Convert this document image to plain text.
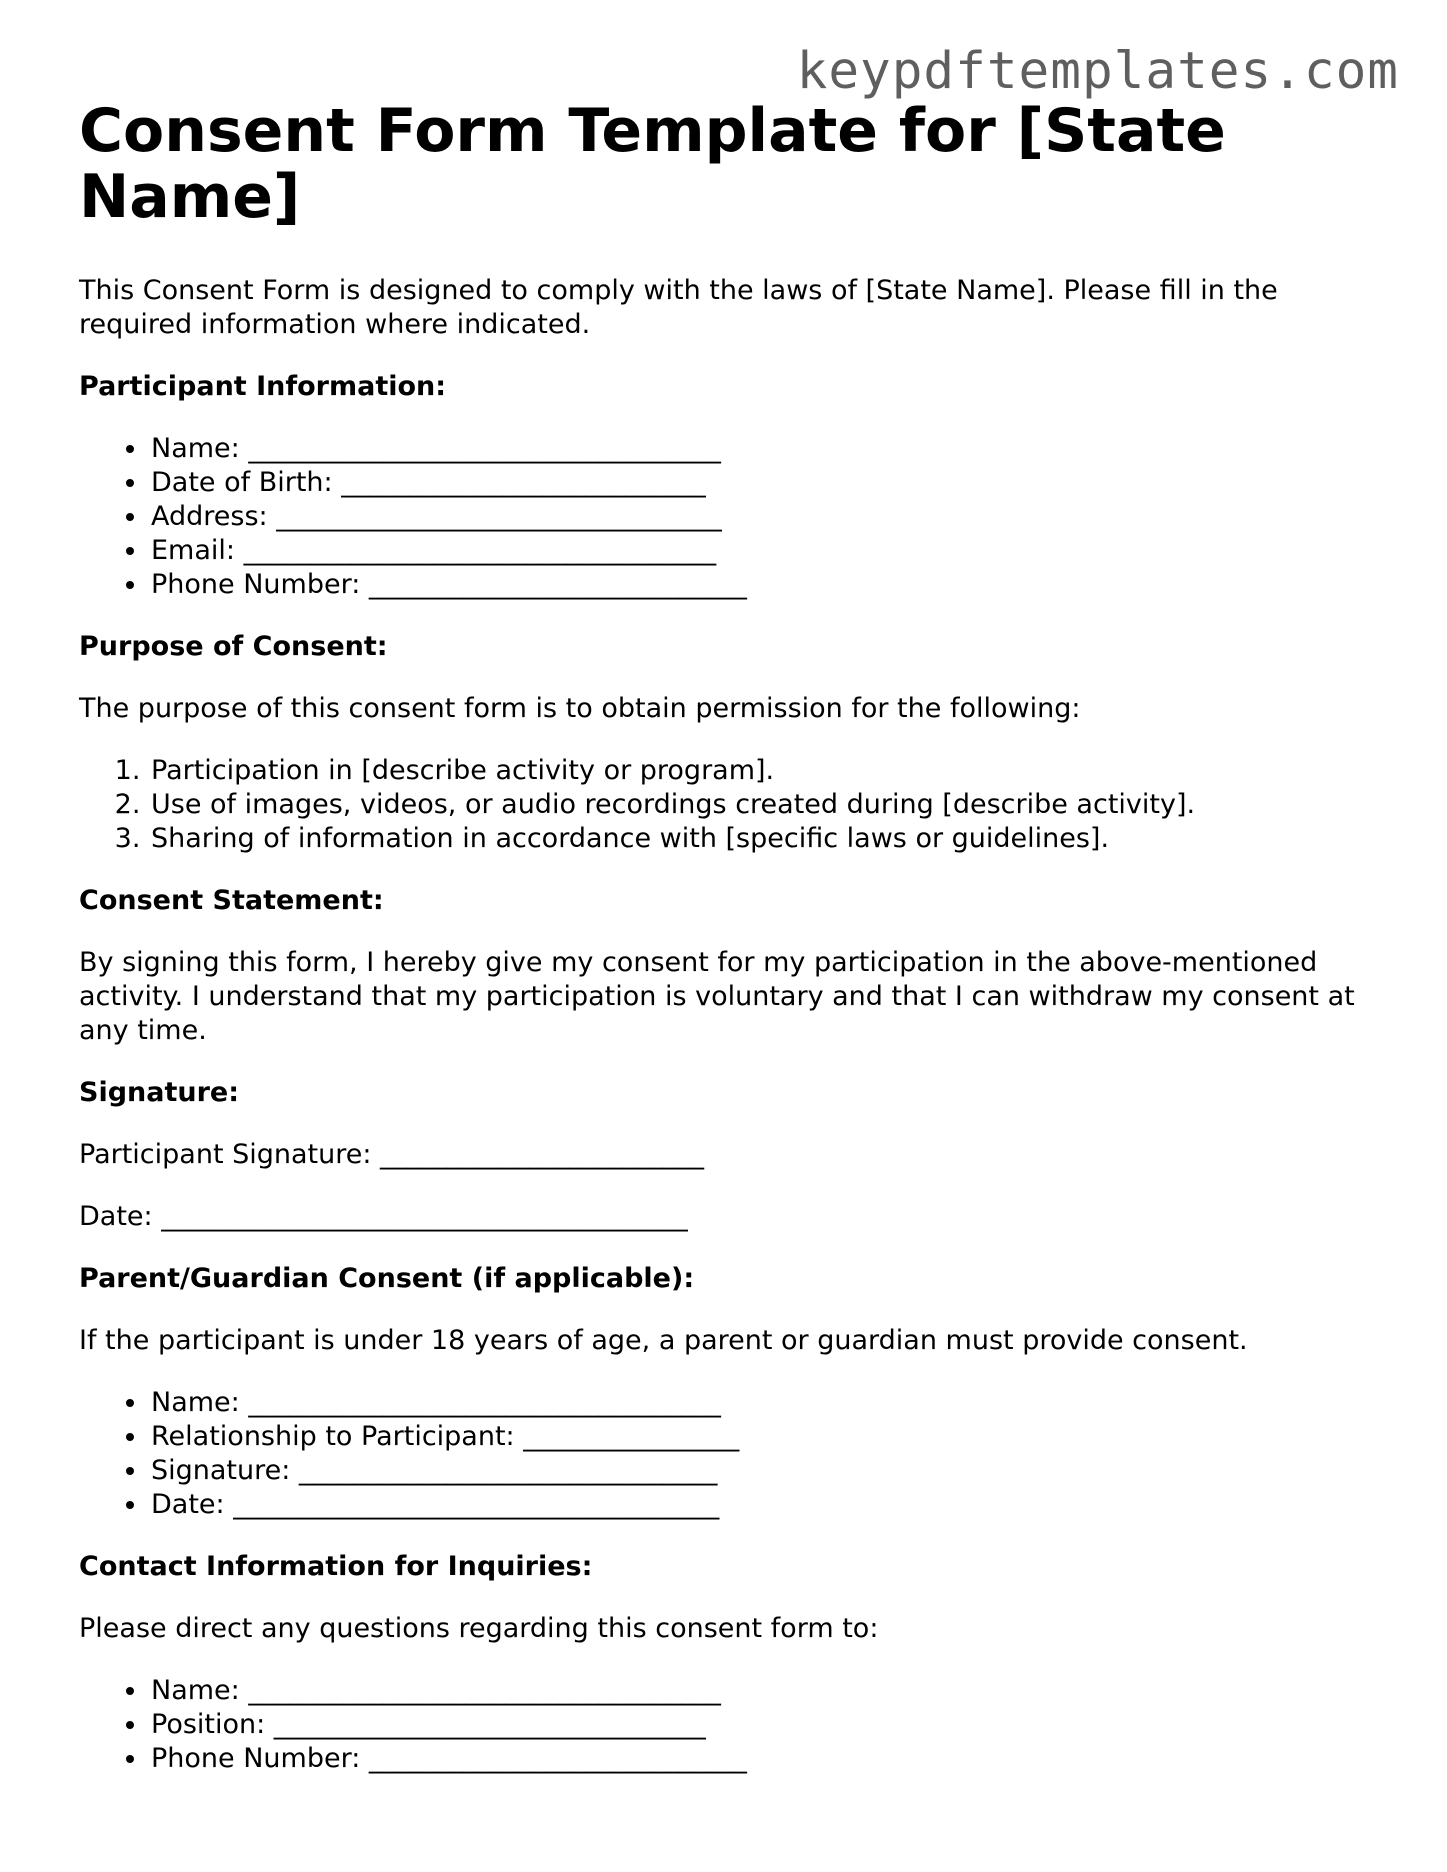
keypdftemplates.com
Consent Form Template for [State Name]

This Consent Form is designed to comply with the laws of [State Name]. Please fill in the required information where indicated.

Participant Information:
• Name: ___________________________________
• Date of Birth: ___________________________
• Address: _________________________________
• Email: ___________________________________
• Phone Number: ____________________________
Purpose of Consent:

The purpose of this consent form is to obtain permission for the following:

1. Participation in [describe activity or program].
2. Use of images, videos, or audio recordings created during [describe activity].
3. Sharing of information in accordance with [specific laws or guidelines].
Consent Statement:

By signing this form, I hereby give my consent for my participation in the above-mentioned activity. I understand that my participation is voluntary and that I can withdraw my consent at any time.

Signature:

Participant Signature: ________________________

Date: _______________________________________

Parent/Guardian Consent (if applicable):

If the participant is under 18 years of age, a parent or guardian must provide consent.

• Name: ___________________________________
• Relationship to Participant: ________________
• Signature: _______________________________
• Date: ____________________________________
Contact Information for Inquiries:

Please direct any questions regarding this consent form to:

• Name: ___________________________________
• Position: ________________________________
• Phone Number: ____________________________
